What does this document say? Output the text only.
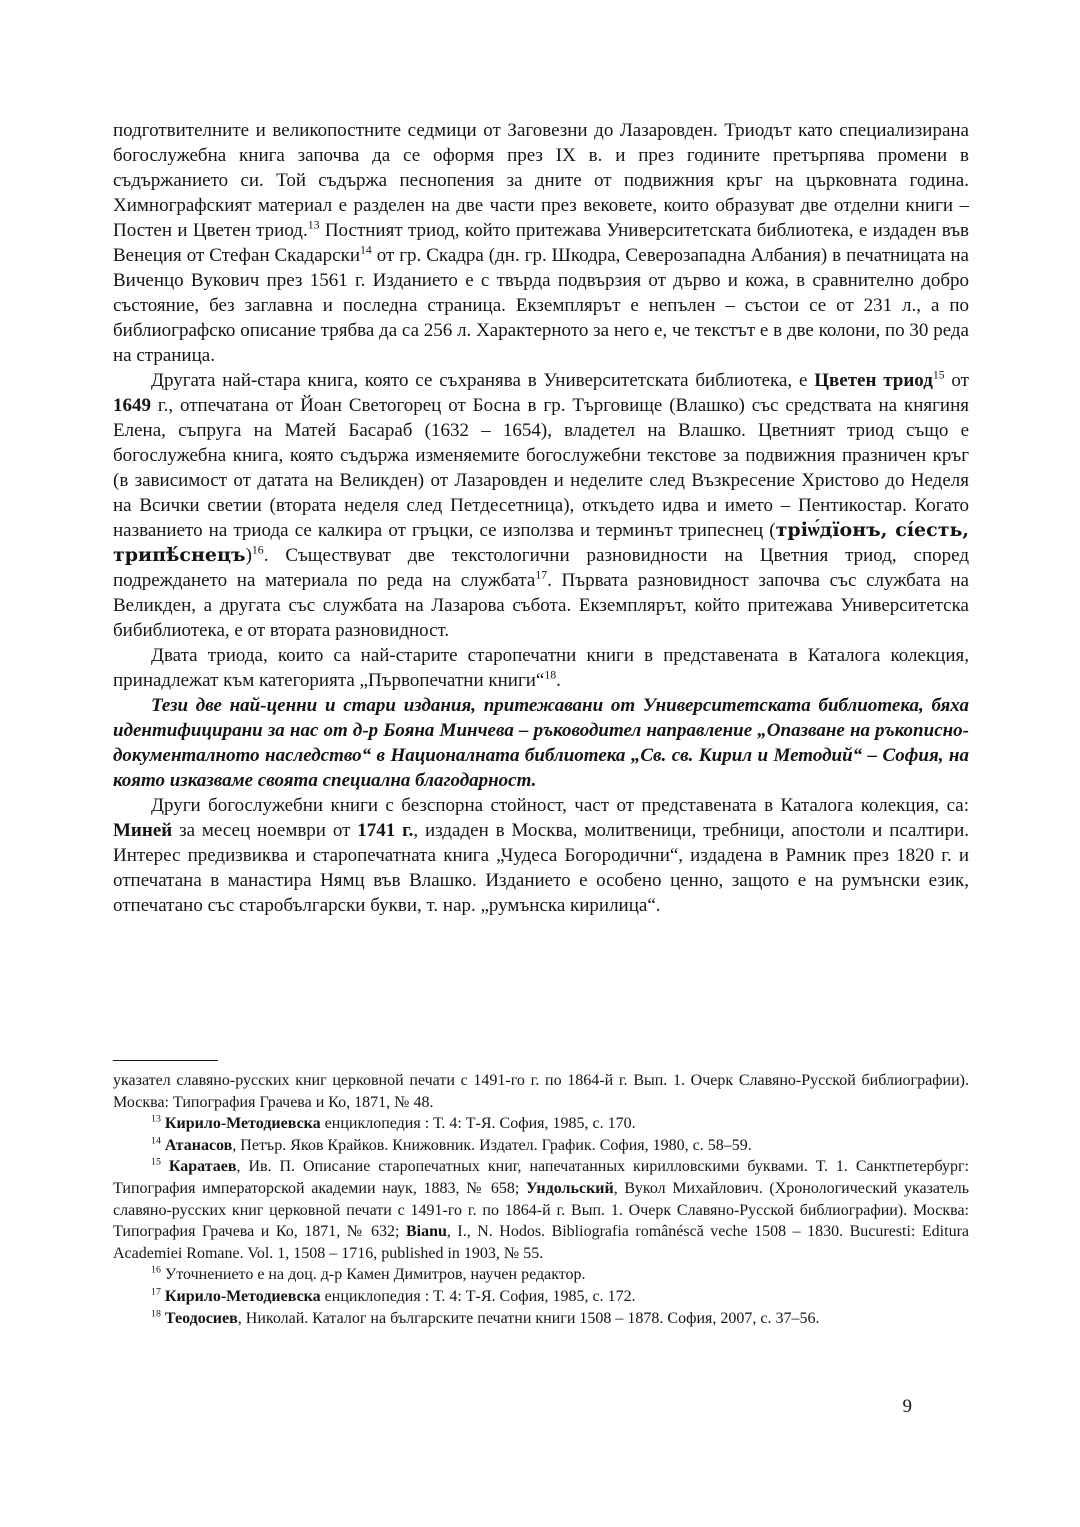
подготвителните и великопостните седмици от Заговезни до Лазаровден. Триодът като специализирана богослужебна книга започва да се оформя през IX в. и през годините претърпява промени в съдържанието си. Той съдържа песнопения за дните от подвижния кръг на църковната година. Химнографският материал е разделен на две части през вековете, които образуват две отделни книги – Постен и Цветен триод.$^{13}$ Постният триод, който притежава Университетската библиотека, е издаден във Венеция от Стефан Скадарски$^{14}$ от гр. Скадра (дн. гр. Шкодра, Северозападна Албания) в печатницата на Виченцо Вукович през 1561 г. Изданието е с твърда подвързия от дърво и кожа, в сравнително добро състояние, без заглавна и последна страница. Екземплярът е непълен – състои се от 231 л., а по библиографско описание трябва да са 256 л. Характерното за него е, че текстът е в две колони, по 30 реда на страница.

Другата най-стара книга, която се съхранява в Университетската библиотека, е Цветен триод$^{15}$ от 1649 г., отпечатана от Йоан Светогорец от Босна в гр. Търговище (Влашко) със средствата на княгиня Елена, съпруга на Матей Басараб (1632 – 1654), владетел на Влашко. Цветният триод също е богослужебна книга, която съдържа изменяемите богослужебни текстове за подвижния празничен кръг (в зависимост от датата на Великден) от Лазаровден и неделите след Възкресение Христово до Неделя на Всички светии (втората неделя след Петдесетница), откъдето идва и името – Пентикостар. Когато названието на триода се калкира от гръцки, се използва и терминът трипеснец (тріѡ́дїонъ, сі́есть, трипѣ́снецъ)$^{16}$. Съществуват две текстологични разновидности на Цветния триод, според подреждането на материала по реда на службата$^{17}$. Първата разновидност започва със службата на Великден, а другата със службата на Лазарова събота. Екземплярът, който притежава Университетска бибиблиотека, е от втората разновидност.

Двата триода, които са най-старите старопечатни книги в представената в Каталога колекция, принадлежат към категорията „Първопечатни книги“$^{18}$.

Тези две най-ценни и стари издания, притежавани от Университетската библиотека, бяха идентифицирани за нас от д-р Бояна Минчева – ръководител направление „Опазване на ръкописно-документалното наследство“ в Националната библиотека „Св. св. Кирил и Методий“ – София, на която изказваме своята специална благодарност.

Други богослужебни книги с безспорна стойност, част от представената в Каталога колекция, са: Миней за месец ноември от 1741 г., издаден в Москва, молитвеници, требници, апостоли и псалтири. Интерес предизвиква и старопечатната книга „Чудеса Богородични“, издадена в Рамник през 1820 г. и отпечатана в манастира Нямц във Влашко. Изданието е особено ценно, защото е на румънски език, отпечатано със старобългарски букви, т. нар. „румънска кирилица“.

указател славяно-русских книг церковной печати с 1491-го г. по 1864-й г. Вып. 1. Очерк Славяно-Русской библиографии). Москва: Типография Грачева и Ко, 1871, № 48.

$^{13}$ Кирило-Методиевска енциклопедия : Т. 4: Т-Я. София, 1985, с. 170.

$^{14}$ Атанасов, Петър. Яков Крайков. Книжовник. Издател. График. София, 1980, с. 58–59.

$^{15}$ Каратаев, Ив. П. Описание старопечатных книг, напечатанных кирилловскими буквами. Т. 1. Санктпетербург: Типография императорской академии наук, 1883, № 658; Ундольский, Вукол Михайлович. (Хронологический указатель славяно-русских книг церковной печати с 1491-го г. по 1864-й г. Вып. 1. Очерк Славяно-Русской библиографии). Москва: Типография Грачева и Ко, 1871, № 632; Bianu, I., N. Hodos. Bibliografia românéscă veche 1508 – 1830. Bucuresti: Editura Academiei Romane. Vol. 1, 1508 – 1716, published in 1903, № 55.

$^{16}$ Уточнението е на доц. д-р Камен Димитров, научен редактор.

$^{17}$ Кирило-Методиевска енциклопедия : Т. 4: Т-Я. София, 1985, с. 172.

$^{18}$ Теодосиев, Николай. Каталог на българските печатни книги 1508 – 1878. София, 2007, с. 37–56.

9
